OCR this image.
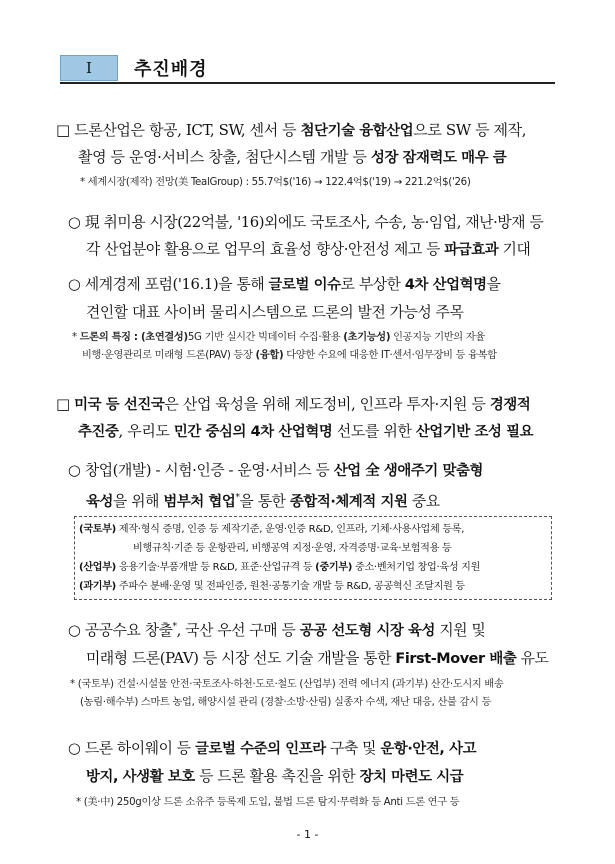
I	추진배경
□ 드론산업은 항공, ICT, SW, 센서 등 첨단기술 융합산업으로 SW 등 제작,
촬영 등 운영·서비스 창출, 첨단시스템 개발 등 성장 잠재력도 매우 큼
* 세계시장(제작) 전망(美 TealGroup) : 55.7억$('16) → 122.4억$('19) → 221.2억$('26)
○ 現 취미용 시장(22억불, '16)외에도 국토조사, 수송, 농·임업, 재난·방재 등
각 산업분야 활용으로 업무의 효율성 향상·안전성 제고 등 파급효과 기대
○ 세계경제 포럼('16.1)을 통해 글로벌 이슈로 부상한 4차 산업혁명을
견인할 대표 사이버 물리시스템으로 드론의 발전 가능성 주목
* 드론의 특징 : (초연결성)5G 기반 실시간 빅데이터 수집·활용 (초기능성) 인공지능 기반의 자율
비행·운영관리로 미래형 드론(PAV) 등장 (융합) 다양한 수요에 대응한 IT·센서·임무장비 등 융복합
□ 미국 등 선진국은 산업 육성을 위해 제도정비, 인프라 투자·지원 등 경쟁적
추진중, 우리도 민간 중심의 4차 산업혁명 선도를 위한 산업기반 조성 필요
○ 창업(개발) - 시험·인증 - 운영·서비스 등 산업 全 생애주기 맞춤형
육성을 위해 범부처 협업*을 통한 종합적·체계적 지원 중요
(국토부) 제작·형식 증명, 인증 등 제작기준, 운영·인증 R&D, 인프라, 기체·사용사업체 등록,
비행규칙·기준 등 운항관리, 비행공역 지정·운영, 자격증명·교육·보험적용 등
(산업부) 응용기술·부품개발 등 R&D, 표준·산업규격 등 (중기부) 중소·벤처기업 창업·육성 지원
(과기부) 주파수 분배·운영 및 전파인증, 원천·공통기술 개발 등 R&D, 공공혁신 조달지원 등
○ 공공수요 창출*, 국산 우선 구매 등 공공 선도형 시장 육성 지원 및
미래형 드론(PAV) 등 시장 선도 기술 개발을 통한 First-Mover 배출 유도
* (국토부) 건설·시설물 안전·국토조사·하천·도로·철도 (산업부) 전력 에너지 (과기부) 산간·도시지 배송
(농림·해수부) 스마트 농업, 해양시설 관리 (경찰·소방·산림) 실종자 수색, 재난 대응, 산불 감시 등
○ 드론 하이웨이 등 글로벌 수준의 인프라 구축 및 운항·안전, 사고
방지, 사생활 보호 등 드론 활용 촉진을 위한 장치 마련도 시급
* (美·中) 250g이상 드론 소유주 등록제 도입, 불법 드론 탐지·무력화 등 Anti 드론 연구 등
- 1 -
